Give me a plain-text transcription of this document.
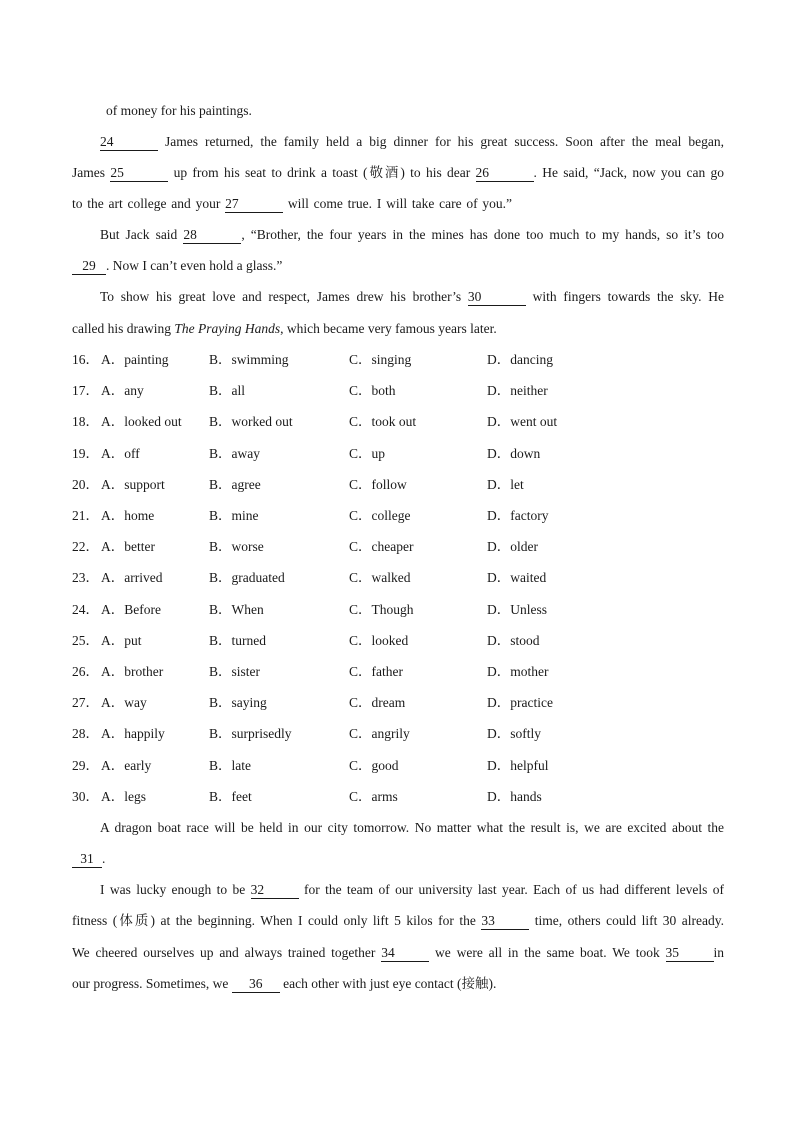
of money for his paintings.
24	James returned, the family held a big dinner for his great success. Soon after the meal began,
James 25	up from his seat to drink a toast (敬酒) to his dear 26	. He said, “Jack, now you can go
to the art college and your 27	will come true. I will take care of you.”
But Jack said 28	, “Brother, the four years in the mines has done too much to my hands, so it’s too
29 . Now I can’t even hold a glass.”
To show his great love and respect, James drew his brother’s 30	with fingers towards the sky. He
called his drawing The Praying Hands, which became very famous years later.
16． A．painting	B．swimming	C．singing	D．dancing
17． A．any	B．all	C．both	D．neither
18． A．looked out B．worked out	C．took out	D．went out
19． A．off	B．away	C．up	D．down
20． A．support	B．agree	C．follow	D．let
21． A．home	B．mine	C．college	D．factory
22． A．better	B．worse	C．cheaper	D．older
23． A．arrived	B．graduated	C．walked	D．waited
24． A．Before	B．When	C．Though	D．Unless
25． A．put	B．turned	C．looked	D．stood
26． A．brother	B．sister	C．father	D．mother
27． A．way	B．saying	C．dream	D．practice
28． A．happily	B．surprisedly	C．angrily	D．softly
29． A．early	B．late	C．good	D．helpful
30． A．legs	B．feet	C．arms	D．hands
A dragon boat race will be held in our city tomorrow. No matter what the result is, we are excited about the
31 .
I was lucky enough to be 32	for the team of our university last year. Each of us had different levels of
fitness (体质) at the beginning. When I could only lift 5 kilos for the 33	time, others could lift 30 already.
We cheered ourselves up and always trained together 34	we were all in the same boat. We took 35	in
our progress. Sometimes, we 36 each other with just eye contact (接触).
